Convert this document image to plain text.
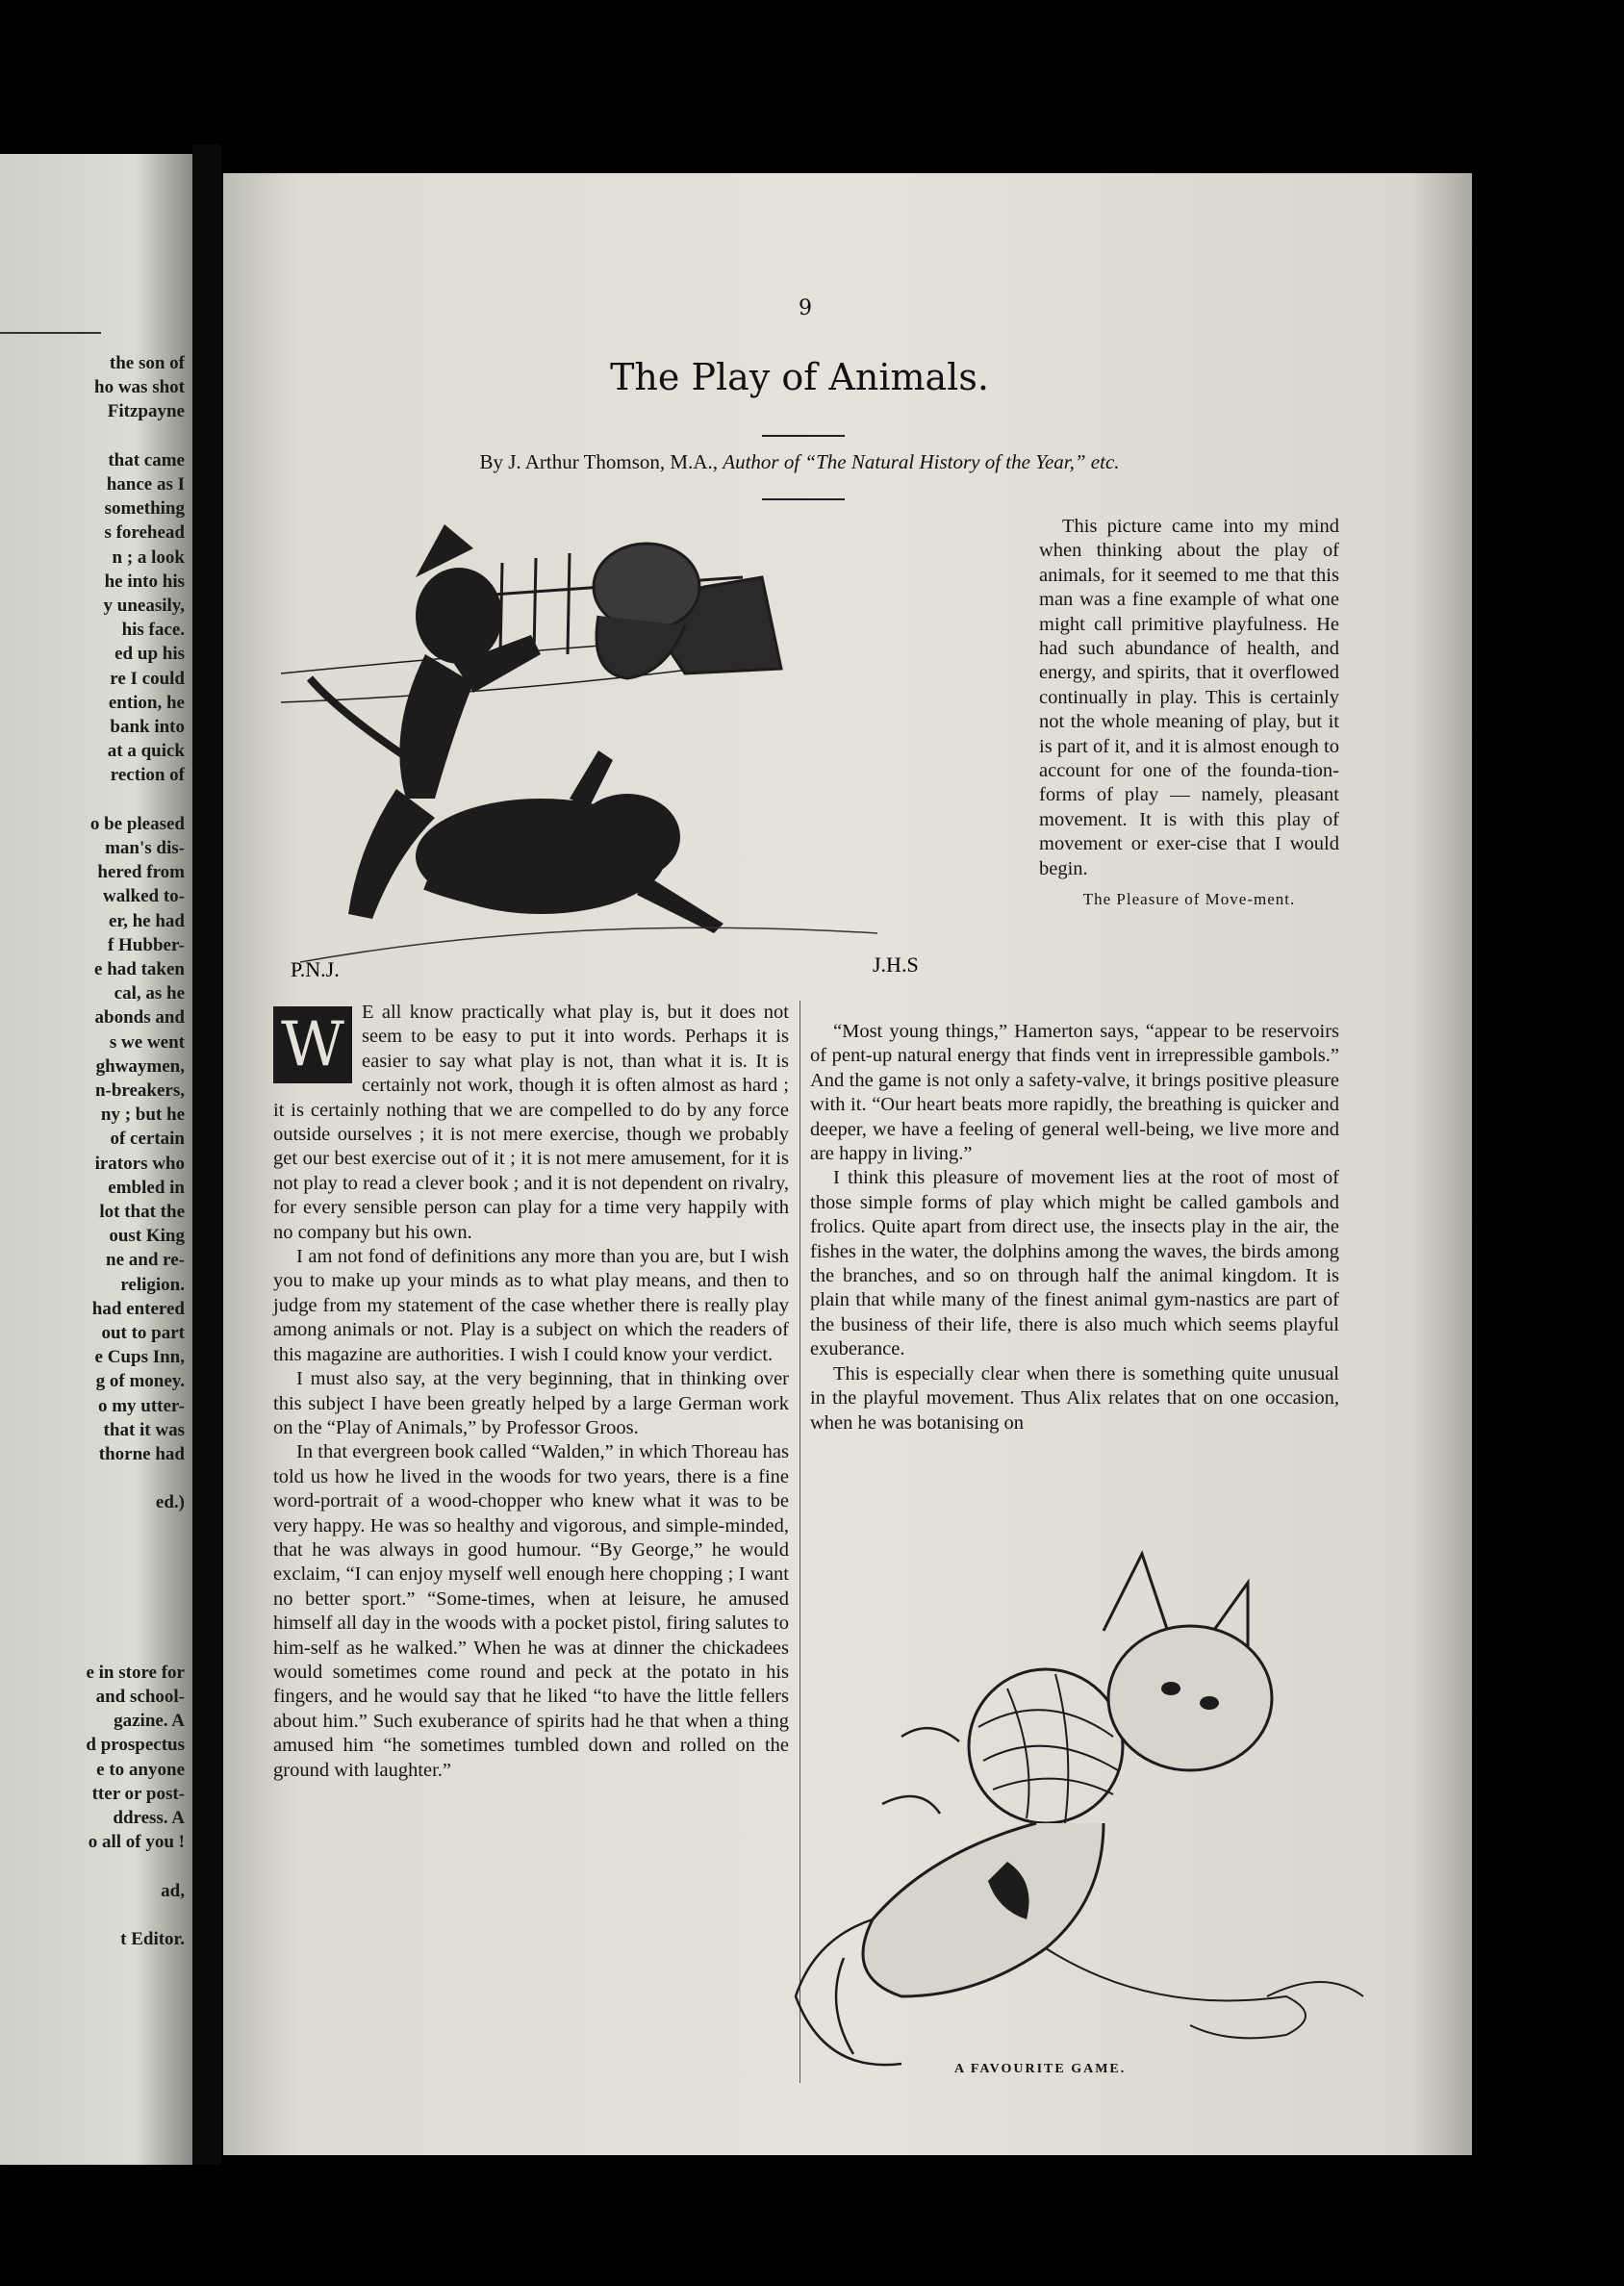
the son of
ho was shot
Fitzpayne
that came
hance as I
something
s forehead
n ; a look
he into his
y uneasily,
his face.
ed up his
re I could
ention, he
bank into
at a quick
rection of
o be pleased
man's dis-
hered from
walked to-
er, he had
f Hubber-
e had taken
cal, as he
abonds and
s we went
ghwaymen,
n-breakers,
ny ; but he
of certain
irators who
embled in
lot that the
oust King
ne and re-
religion.
had entered
out to part
e Cups Inn,
g of money.
o my utter-
that it was
thorne had
ed.)
e in store for
and school-
gazine. A
d prospectus
e to anyone
tter or post-
ddress. A
o all of you !
ad,
t Editor.
9
The Play of Animals.
By J. Arthur Thomson, M.A., Author of “The Natural History of the Year,” etc.
P.N.J.	J.H.S

This picture came into my mind when thinking about the play of animals, for it seemed to me that this man was a fine example of what one might call primitive playfulness. He had such abundance of health, and energy, and spirits, that it overflowed continually in play. This is certainly not the whole meaning of play, but it is part of it, and it is almost enough to account for one of the founda-tion-forms of play — namely, pleasant movement. It is with this play of movement or exer-cise that I would begin.

The Pleasure of Move-ment.

W E all know practically what play is, but it does not seem to be easy to put it into words. Perhaps it is easier to say what play is not, than what it is. It is certainly not work, though it is often almost as hard ; it is certainly nothing that we are compelled to do by any force outside ourselves ; it is not mere exercise, though we probably get our best exercise out of it ; it is not mere amusement, for it is not play to read a clever book ; and it is not dependent on rivalry, for every sensible person can play for a time very happily with no company but his own.

I am not fond of definitions any more than you are, but I wish you to make up your minds as to what play means, and then to judge from my statement of the case whether there is really play among animals or not. Play is a subject on which the readers of this magazine are authorities. I wish I could know your verdict.

I must also say, at the very beginning, that in thinking over this subject I have been greatly helped by a large German work on the “Play of Animals,” by Professor Groos.

In that evergreen book called “Walden,” in which Thoreau has told us how he lived in the woods for two years, there is a fine word-portrait of a wood-chopper who knew what it was to be very happy. He was so healthy and vigorous, and simple-minded, that he was always in good humour. “By George,” he would exclaim, “I can enjoy myself well enough here chopping ; I want no better sport.” “Some-times, when at leisure, he amused himself all day in the woods with a pocket pistol, firing salutes to him-self as he walked.” When he was at dinner the chickadees would sometimes come round and peck at the potato in his fingers, and he would say that he liked “to have the little fellers about him.” Such exuberance of spirits had he that when a thing amused him “he sometimes tumbled down and rolled on the ground with laughter.”

“Most young things,” Hamerton says, “appear to be reservoirs of pent-up natural energy that finds vent in irrepressible gambols.” And the game is not only a safety-valve, it brings positive pleasure with it. “Our heart beats more rapidly, the breathing is quicker and deeper, we have a feeling of general well-being, we live more and are happy in living.”

I think this pleasure of movement lies at the root of most of those simple forms of play which might be called gambols and frolics. Quite apart from direct use, the insects play in the air, the fishes in the water, the dolphins among the waves, the birds among the branches, and so on through half the animal kingdom. It is plain that while many of the finest animal gym-nastics are part of the business of their life, there is also much which seems playful exuberance.

This is especially clear when there is something quite unusual in the playful movement. Thus Alix relates that on one occasion, when he was botanising on

A FAVOURITE GAME.
